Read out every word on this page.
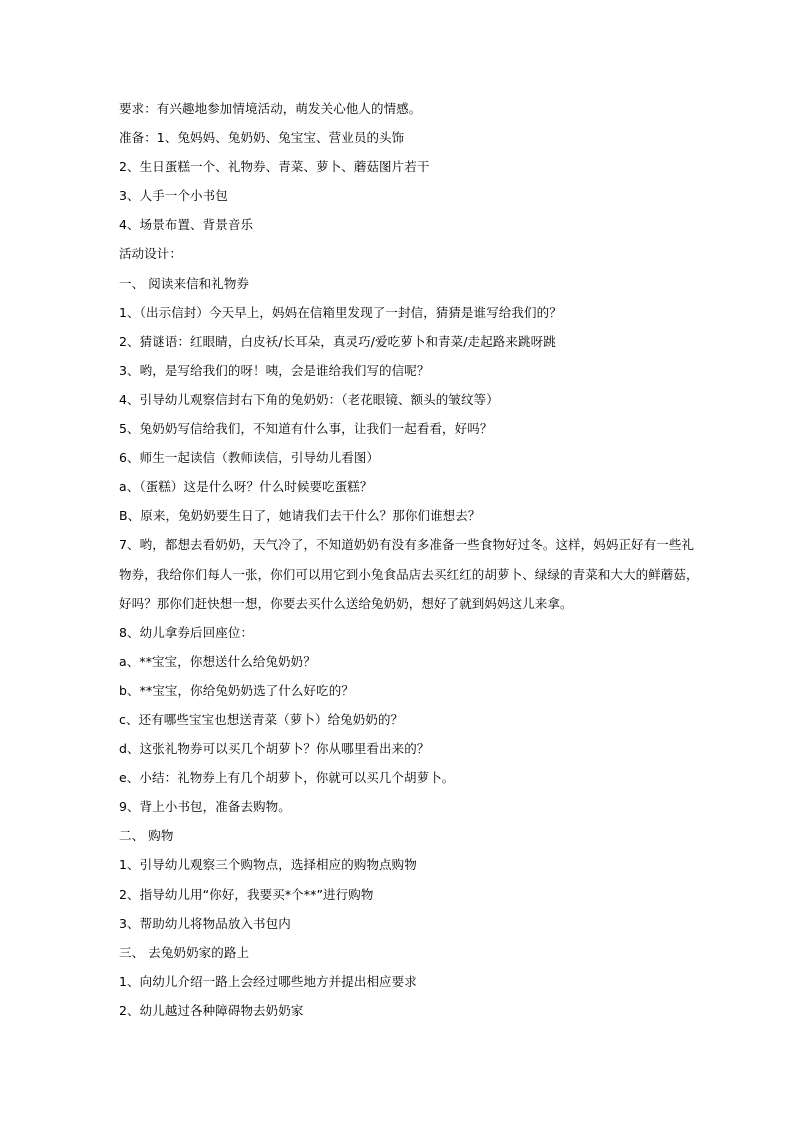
要求：有兴趣地参加情境活动，萌发关心他人的情感。
准备：1、兔妈妈、兔奶奶、兔宝宝、营业员的头饰
2、生日蛋糕一个、礼物券、青菜、萝卜、蘑菇图片若干
3、人手一个小书包
4、场景布置、背景音乐
活动设计：
一、 阅读来信和礼物券
1、（出示信封）今天早上，妈妈在信箱里发现了一封信，猜猜是谁写给我们的？
2、猜谜语：红眼睛，白皮袄/长耳朵，真灵巧/爱吃萝卜和青菜/走起路来跳呀跳
3、哟，是写给我们的呀！咦，会是谁给我们写的信呢？
4、引导幼儿观察信封右下角的兔奶奶：（老花眼镜、额头的皱纹等）
5、兔奶奶写信给我们，不知道有什么事，让我们一起看看，好吗？
6、师生一起读信（教师读信，引导幼儿看图）
a、（蛋糕）这是什么呀？什么时候要吃蛋糕？
B、原来，兔奶奶要生日了，她请我们去干什么？那你们谁想去？
7、哟，都想去看奶奶，天气冷了，不知道奶奶有没有多准备一些食物好过冬。这样，妈妈正好有一些礼
物券，我给你们每人一张，你们可以用它到小兔食品店去买红红的胡萝卜、绿绿的青菜和大大的鲜蘑菇，
好吗？那你们赶快想一想，你要去买什么送给兔奶奶，想好了就到妈妈这儿来拿。
8、幼儿拿券后回座位：
a、**宝宝，你想送什么给兔奶奶？
b、**宝宝，你给兔奶奶选了什么好吃的？
c、还有哪些宝宝也想送青菜（萝卜）给兔奶奶的？
d、这张礼物券可以买几个胡萝卜？你从哪里看出来的？
e、小结：礼物券上有几个胡萝卜，你就可以买几个胡萝卜。
9、背上小书包，准备去购物。
二、 购物
1、引导幼儿观察三个购物点，选择相应的购物点购物
2、指导幼儿用“你好，我要买*个**”进行购物
3、帮助幼儿将物品放入书包内
三、 去兔奶奶家的路上
1、向幼儿介绍一路上会经过哪些地方并提出相应要求
2、幼儿越过各种障碍物去奶奶家
